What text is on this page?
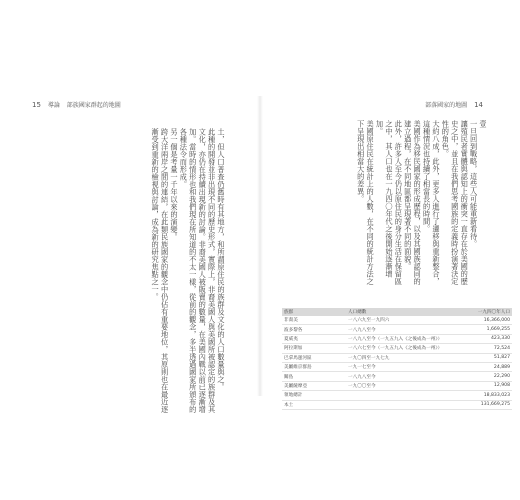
15 導論 部族國家群起的地圖
土，但人口普查仍舊時有其地方，和所謂原住民的族群及文化的人口數量與之。
此種的開發並非出現不同的歷史形式，實際上，非裔美國人與美國所被認定的族群及其文化，亦仍在持續出現新的討論。非裔美國人被販賣的數量，在美國內戰以前已逐漸增加。當時的情形也和我們現在所知道的不太一樣，從前的觀念，多半透過國家所頒布的各種法令而形成。
另一個是考量一千年以來的演變。
跨大洋兩岸之間的連結，在此類民族國家的觀念中仍佔有重要地位，其原則也在最近逐漸受到重新的檢視與討論，成為新的研究焦點之一。
部落國家的地圖 14
壹
一旦回到戰略，這些人可能重新看待。
讓殖民者實體與認知上的衝突一直存在於美國的歷史之中，並且在我們思考國族的定義時扮演著決定性的角色。
大約八成，此外，更多人進行了遷移與重新整合，這種情況也持續了相當長的時間。
美國作為移民國家的形成歷程，以及其國族認同的建立過程，在不同地區都呈現著不同的面貌。
此外，許多人至今仍以原住民的身分生活在保留區之中，其人口也在一九四〇年代之後開始逐漸增加。
美國原住民在統計上的人數，在不同的統計方法之下呈現出相當大的差異。
族群	人口總數	一九四〇年人口
非裔美	一八六九至一九四六	16,366,000
波多黎各	一八九八至今	1,669,255
夏威夷	一八九八至今（一九五九入《之後成為一州》）	423,330
阿拉斯加	一八六七至今（一九五九入《之後成為一州》）	72,524
巴拿馬運河區	一九〇四至一九七九	51,827
美屬維京群島	一九一七至今	24,889
關島	一八九八至今	22,290
美屬薩摩亞	一九〇〇至今	12,908
領地總計		18,833,023
本土		131,669,275
